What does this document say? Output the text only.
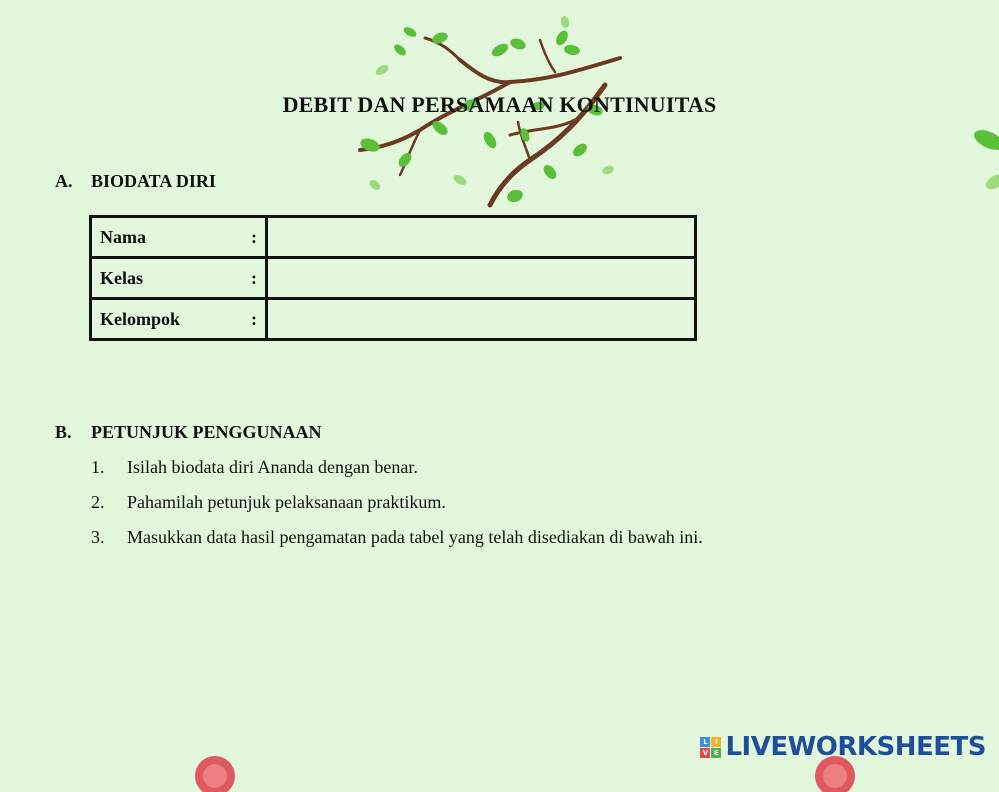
DEBIT DAN PERSAMAAN KONTINUITAS
A. BIODATA DIRI
Nama :

Kelas :

Kelompok :

B. PETUNJUK PENGGUNAAN
1. Isilah biodata diri Ananda dengan benar.
2. Pahamilah petunjuk pelaksanaan praktikum.
3. Masukkan data hasil pengamatan pada tabel yang telah disediakan di bawah ini.
L	I
V E LIVEWORKSHEETS
